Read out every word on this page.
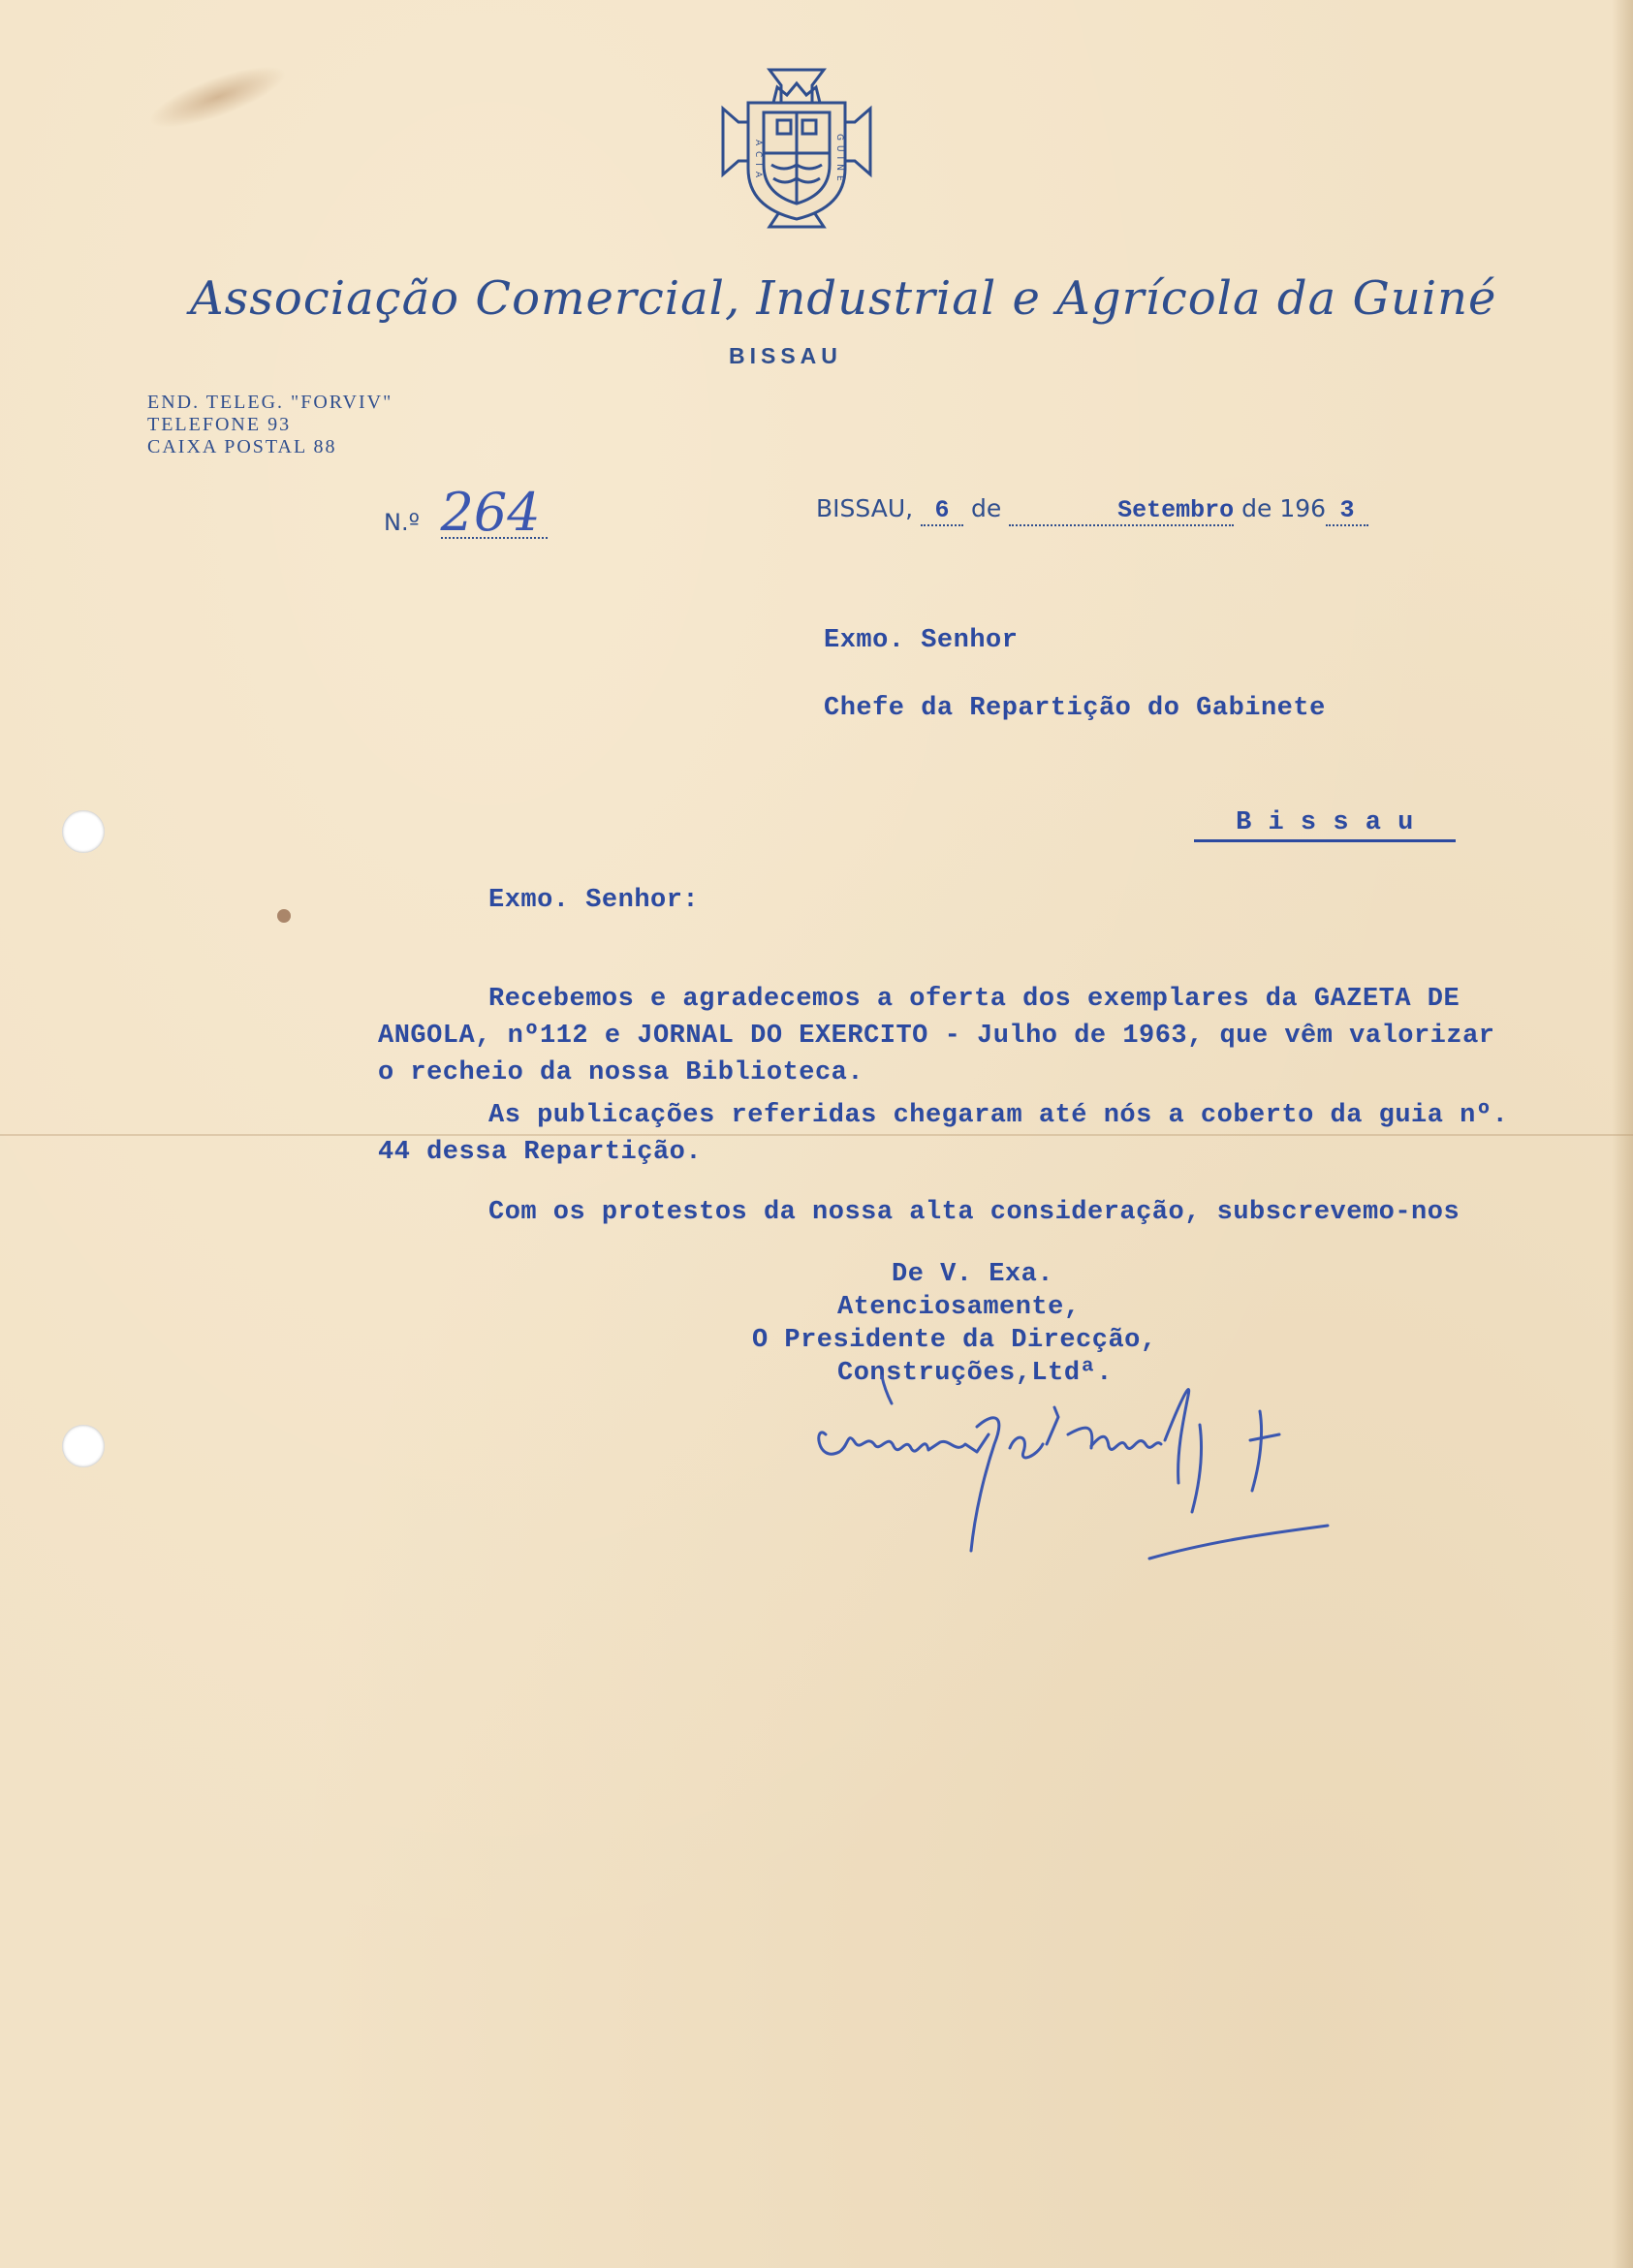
ACIA	GUINE
Associação Comercial, Industrial e Agrícola da Guiné
BISSAU
END. TELEG. "FORVIV"
TELEFONE 93
CAIXA POSTAL 88
N.º 264	BISSAU, 6 de	Setembro de 196 3
Exmo. Senhor
Chefe da Repartição do Gabinete
B i s s a u
Exmo. Senhor:
Recebemos e agradecemos a oferta dos exemplares da GAZETA DE
ANGOLA, nº112 e JORNAL DO EXERCITO - Julho de 1963, que vêm valorizar
o recheio da nossa Biblioteca.
As publicações referidas chegaram até nós a coberto da guia nº.
44 dessa Repartição.
Com os protestos da nossa alta consideração, subscrevemo-nos
De V. Exa.
Atenciosamente,
O Presidente da Direcção,
Construções,Ltdª.
